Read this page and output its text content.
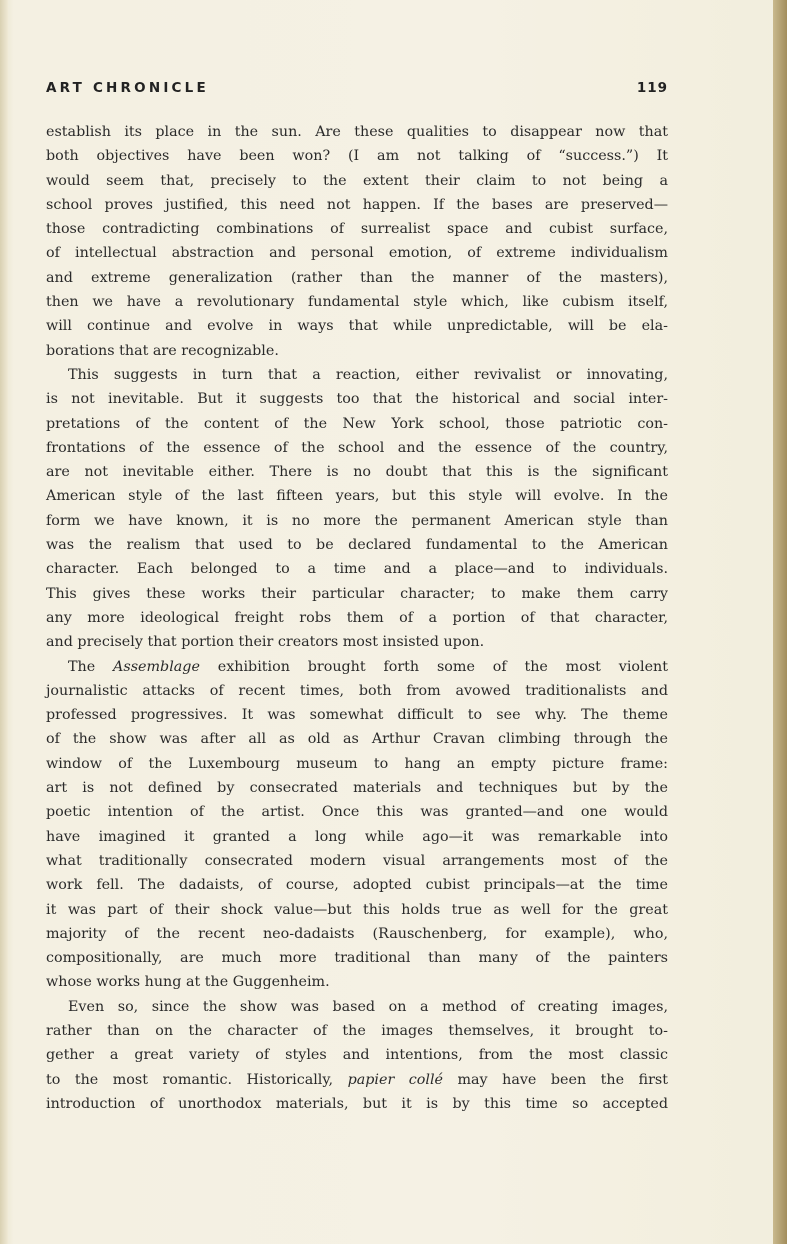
ART CHRONICLE	119

establish its place in the sun. Are these qualities to disappear now that

both objectives have been won? (I am not talking of “success.”) It

would seem that, precisely to the extent their claim to not being a

school proves justified, this need not happen. If the bases are preserved—

those contradicting combinations of surrealist space and cubist surface,

of intellectual abstraction and personal emotion, of extreme individualism

and extreme generalization (rather than the manner of the masters),

then we have a revolutionary fundamental style which, like cubism itself,

will continue and evolve in ways that while unpredictable, will be ela-

borations that are recognizable.

This suggests in turn that a reaction, either revivalist or innovating,

is not inevitable. But it suggests too that the historical and social inter-

pretations of the content of the New York school, those patriotic con-

frontations of the essence of the school and the essence of the country,

are not inevitable either. There is no doubt that this is the significant

American style of the last fifteen years, but this style will evolve. In the

form we have known, it is no more the permanent American style than

was the realism that used to be declared fundamental to the American

character. Each belonged to a time and a place—and to individuals.

This gives these works their particular character; to make them carry

any more ideological freight robs them of a portion of that character,

and precisely that portion their creators most insisted upon.

The Assemblage exhibition brought forth some of the most violent

journalistic attacks of recent times, both from avowed traditionalists and

professed progressives. It was somewhat difficult to see why. The theme

of the show was after all as old as Arthur Cravan climbing through the

window of the Luxembourg museum to hang an empty picture frame:

art is not defined by consecrated materials and techniques but by the

poetic intention of the artist. Once this was granted—and one would

have imagined it granted a long while ago—it was remarkable into

what traditionally consecrated modern visual arrangements most of the

work fell. The dadaists, of course, adopted cubist principals—at the time

it was part of their shock value—but this holds true as well for the great

majority of the recent neo-dadaists (Rauschenberg, for example), who,

compositionally, are much more traditional than many of the painters

whose works hung at the Guggenheim.

Even so, since the show was based on a method of creating images,

rather than on the character of the images themselves, it brought to-

gether a great variety of styles and intentions, from the most classic

to the most romantic. Historically, papier collé may have been the first

introduction of unorthodox materials, but it is by this time so accepted
